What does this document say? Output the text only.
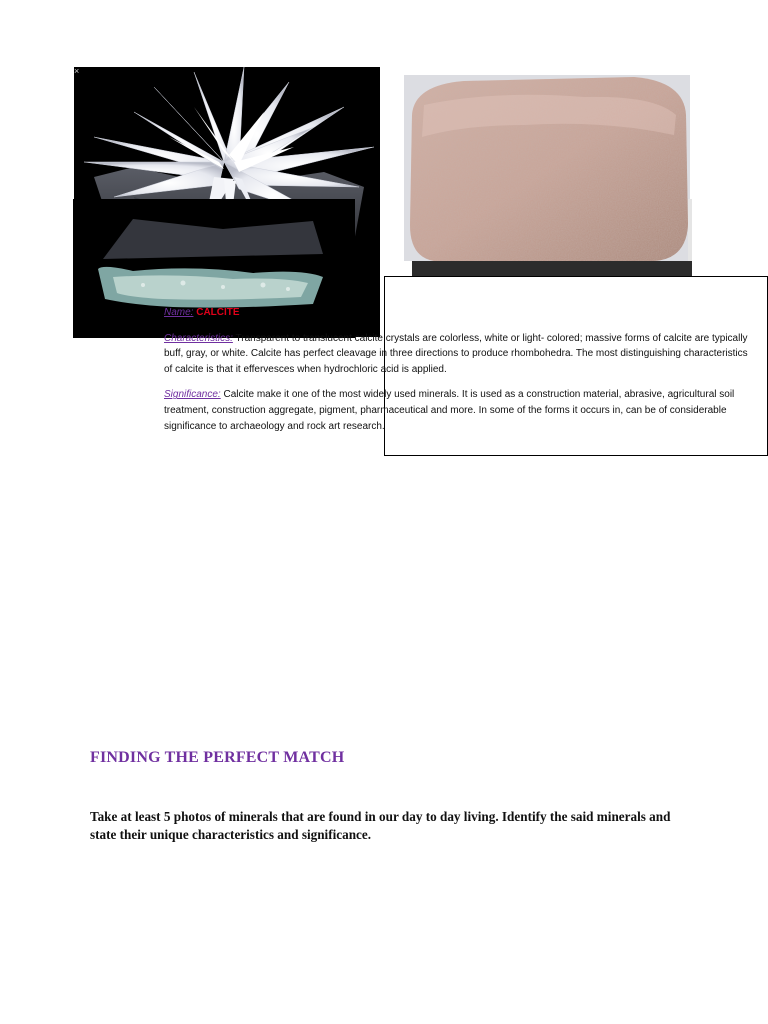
×

Name: CALCITE

Characteristics: Transparent to translucent calcite crystals are colorless, white or light- colored; massive forms of calcite are typically buff, gray, or white. Calcite has perfect cleavage in three directions to produce rhombohedra. The most distinguishing characteristics of calcite is that it effervesces when hydrochloric acid is applied.

Significance: Calcite make it one of the most widely used minerals. It is used as a construction material, abrasive, agricultural soil treatment, construction aggregate, pigment, pharmaceutical and more. In some of the forms it occurs in, can be of considerable significance to archaeology and rock art research.

FINDING THE PERFECT MATCH
Take at least 5 photos of minerals that are found in our day to day living. Identify the said minerals and state their unique characteristics and significance.
